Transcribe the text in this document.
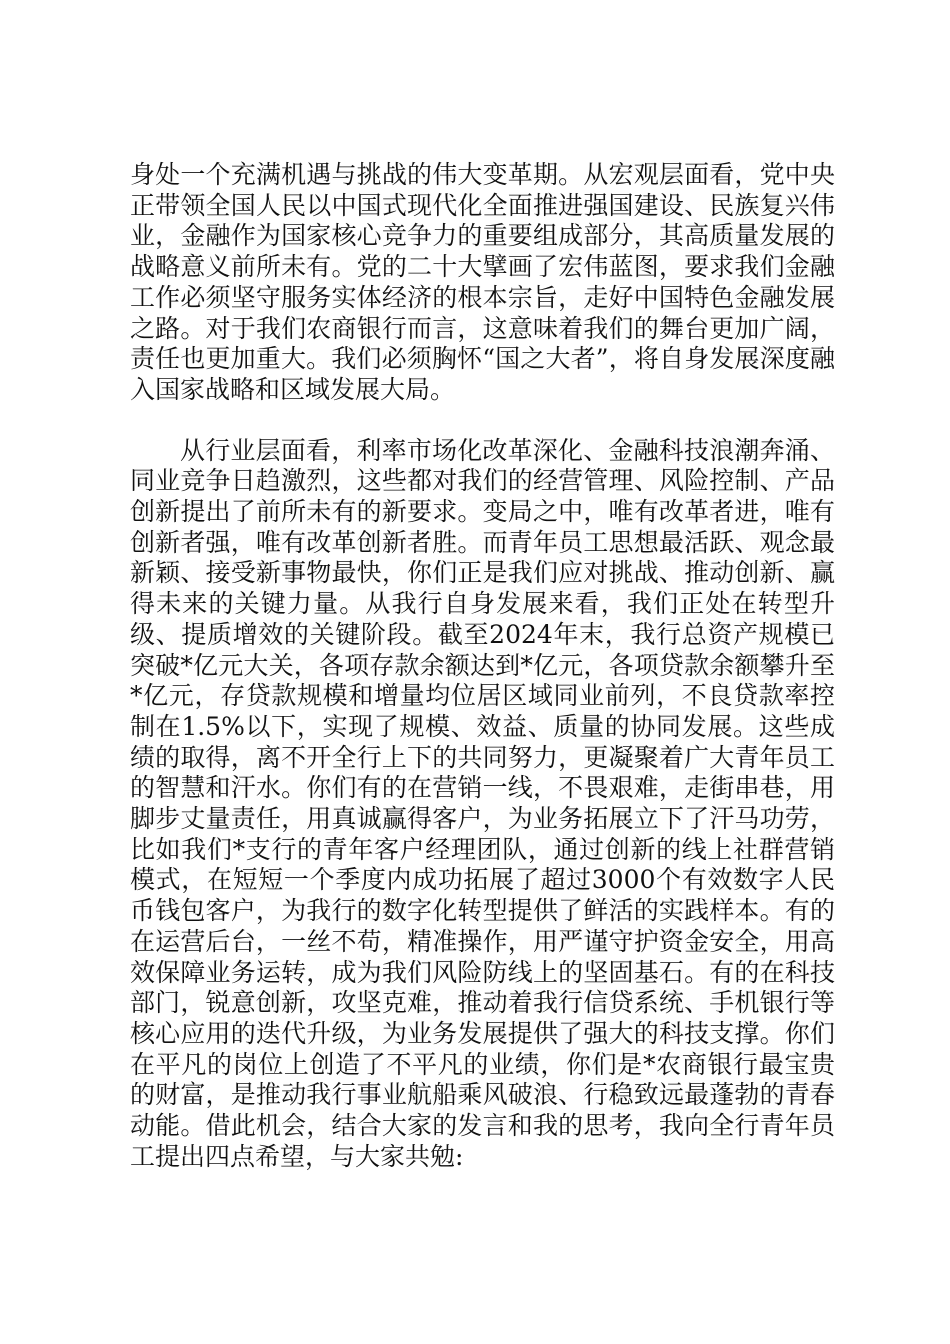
身处一个充满机遇与挑战的伟大变革期。从宏观层面看，党中央正带领全国人民以中国式现代化全面推进强国建设、民族复兴伟业，金融作为国家核心竞争力的重要组成部分，其高质量发展的战略意义前所未有。党的二十大擘画了宏伟蓝图，要求我们金融工作必须坚守服务实体经济的根本宗旨，走好中国特色金融发展之路。对于我们农商银行而言，这意味着我们的舞台更加广阔，责任也更加重大。我们必须胸怀“国之大者”，将自身发展深度融入国家战略和区域发展大局。

从行业层面看，利率市场化改革深化、金融科技浪潮奔涌、同业竞争日趋激烈，这些都对我们的经营管理、风险控制、产品创新提出了前所未有的新要求。变局之中，唯有改革者进，唯有创新者强，唯有改革创新者胜。而青年员工思想最活跃、观念最新颖、接受新事物最快，你们正是我们应对挑战、推动创新、赢得未来的关键力量。从我行自身发展来看，我们正处在转型升级、提质增效的关键阶段。截至2024年末，我行总资产规模已突破*亿元大关，各项存款余额达到*亿元，各项贷款余额攀升至*亿元，存贷款规模和增量均位居区域同业前列，不良贷款率控制在1.5%以下，实现了规模、效益、质量的协同发展。这些成绩的取得，离不开全行上下的共同努力，更凝聚着广大青年员工的智慧和汗水。你们有的在营销一线，不畏艰难，走街串巷，用脚步丈量责任，用真诚赢得客户，为业务拓展立下了汗马功劳，比如我们*支行的青年客户经理团队，通过创新的线上社群营销模式，在短短一个季度内成功拓展了超过3000个有效数字人民币钱包客户，为我行的数字化转型提供了鲜活的实践样本。有的在运营后台，一丝不苟，精准操作，用严谨守护资金安全，用高效保障业务运转，成为我们风险防线上的坚固基石。有的在科技部门，锐意创新，攻坚克难，推动着我行信贷系统、手机银行等核心应用的迭代升级，为业务发展提供了强大的科技支撑。你们在平凡的岗位上创造了不平凡的业绩，你们是*农商银行最宝贵的财富，是推动我行事业航船乘风破浪、行稳致远最蓬勃的青春动能。借此机会，结合大家的发言和我的思考，我向全行青年员工提出四点希望，与大家共勉:
